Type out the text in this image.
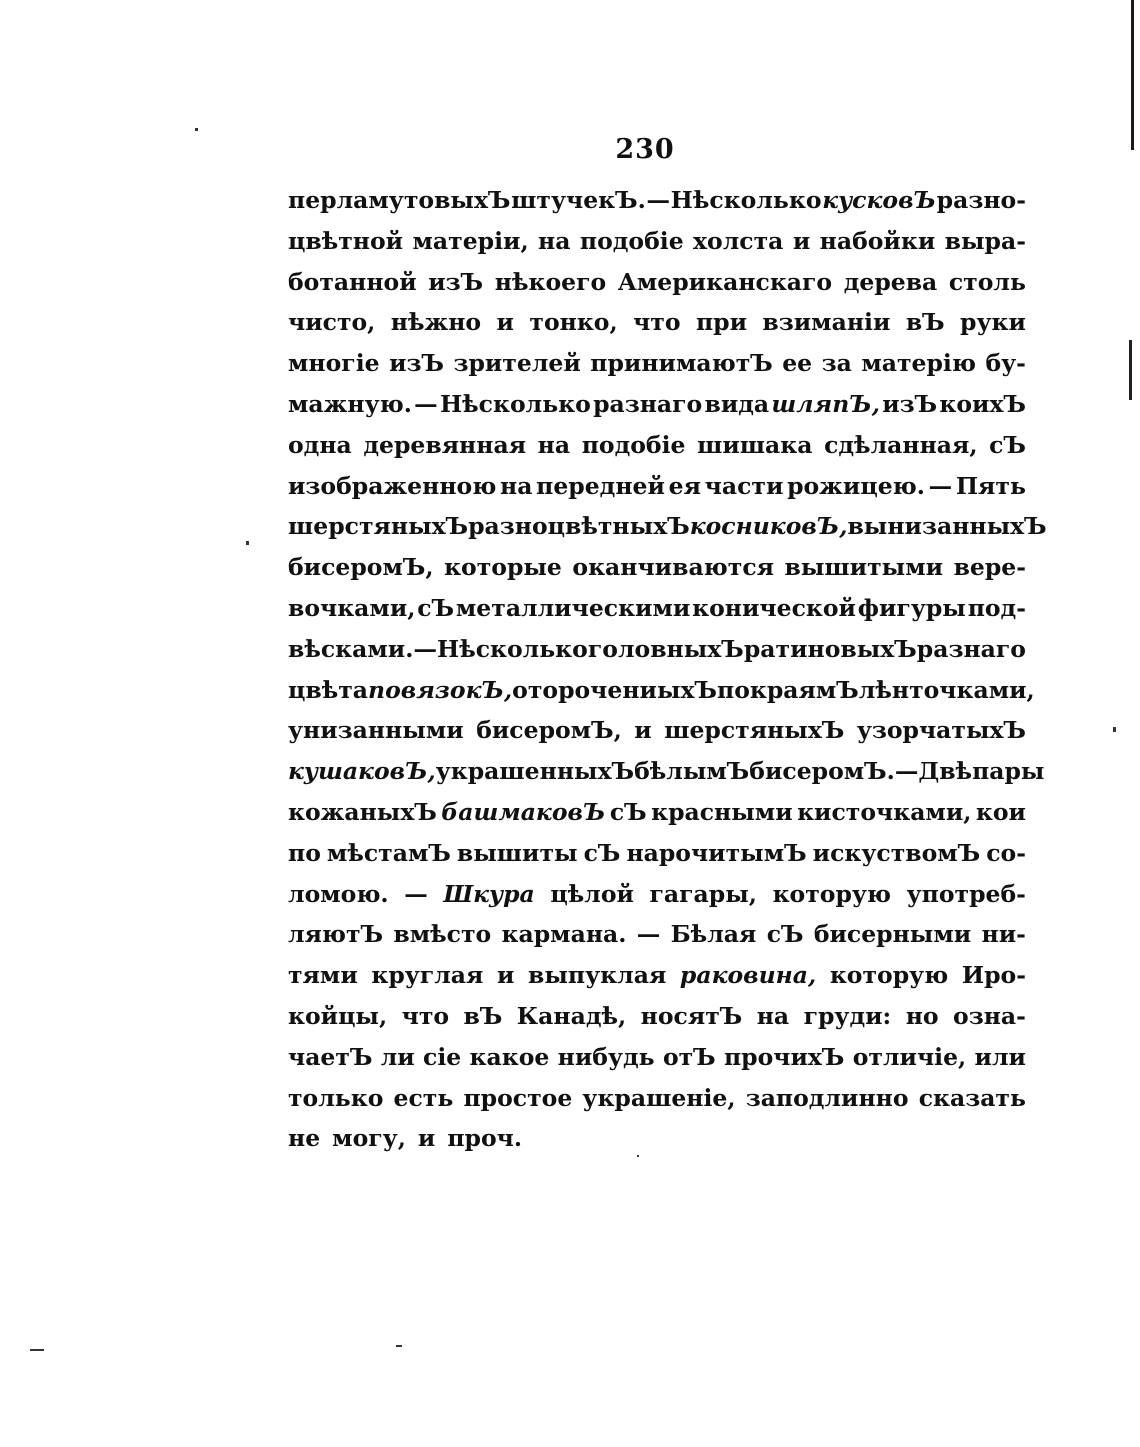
230
перламутовыхЪ штучекЪ. — Нѣсколько кусковЪ разно-
цвѣтной матеріи, на подобіе холста и набойки выра-
ботанной изЪ нѣкоего Американскаго дерева столь
чисто, нѣжно и тонко, что при взиманіи вЪ руки
многіе изЪ зрителей принимаютЪ ее за матерію бу-
мажную. — Нѣсколько разнаго вида шляпЪ, изЪ коихЪ
одна деревянная на подобіе шишака сдѣланная, сЪ
изображенною на передней ея части рожицею. — Пять
шерстяныхЪ разноцвѣтныхЪ косниковЪ, вынизанныхЪ
бисеромЪ, которые оканчиваются вышитыми вере-
вочками, сЪ металлическими конической фигуры под-
вѣсками. — Нѣсколько головныхЪ ратиновыхЪ разнаго
цвѣта повязокЪ, оторочениыхЪ по краямЪ лѣнточками,
унизанными бисеромЪ, и шерстяныхЪ узорчатыхЪ
кушаковЪ, украшенныхЪ бѣлымЪ бисеромЪ. — Двѣ пары
кожаныхЪ башмаковЪ сЪ красными кисточками, кои
по мѣстамЪ вышиты сЪ нарочитымЪ искуствомЪ со-
ломою. — Шкура цѣлой гагары, которую употреб-
ляютЪ вмѣсто кармана. — Бѣлая сЪ бисерными ни-
тями круглая и выпуклая раковина, которую Иро-
койцы, что вЪ Канадѣ, носятЪ на груди: но озна-
чаетЪ ли сіе какое нибудь отЪ прочихЪ отличіе, или
только есть простое украшеніе, заподлинно сказать
не могу, и проч.
